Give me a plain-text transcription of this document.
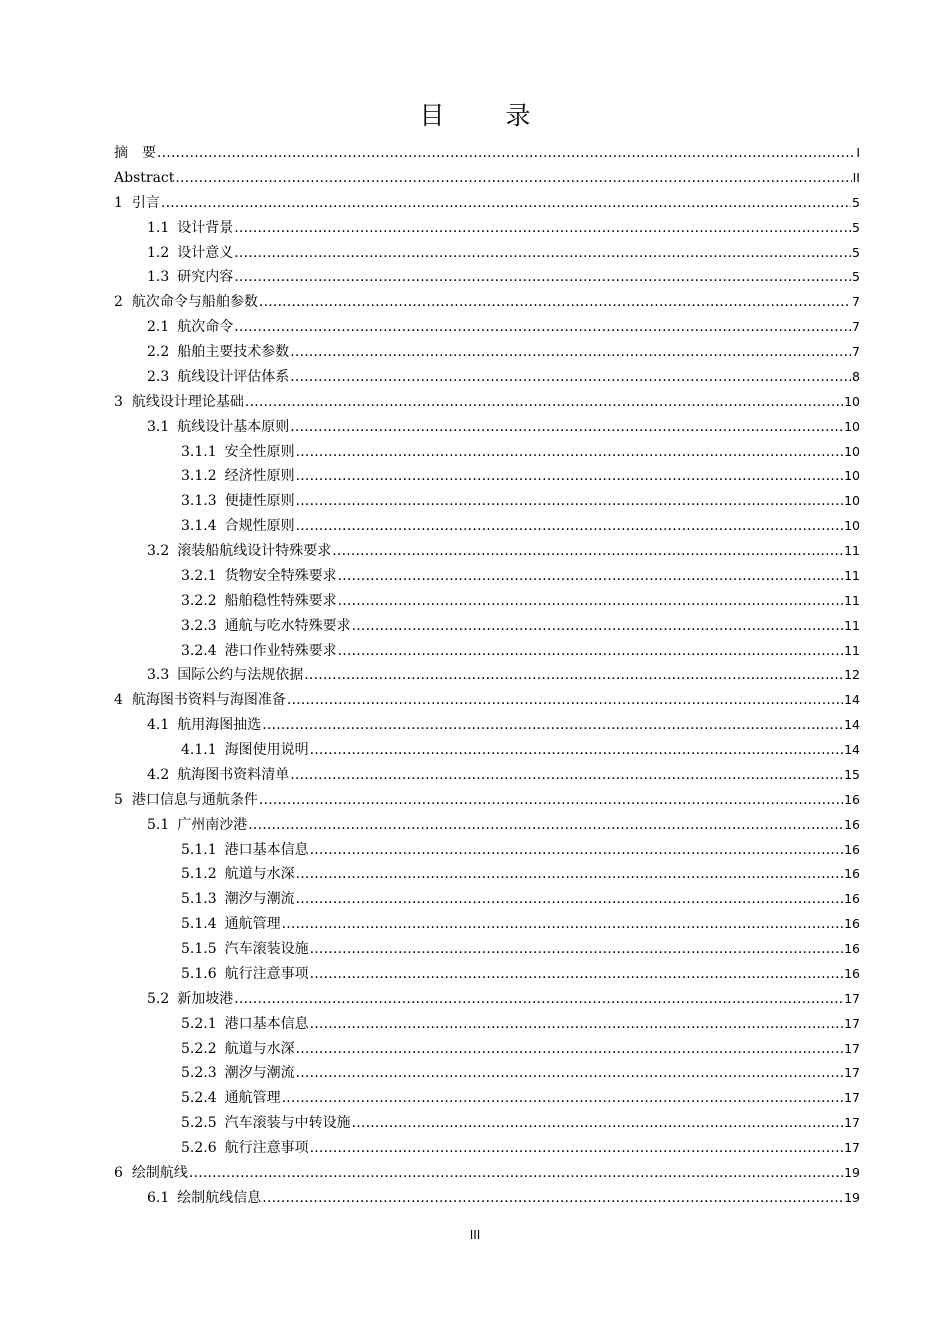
目　录
摘　要 .....	I
Abstract .....	II
1 引言 .....	5
1.1 设计背景 .....	5
1.2 设计意义 .....	5
1.3 研究内容 .....	5
2 航次命令与船舶参数 .....	7
2.1 航次命令 .....	7
2.2 船舶主要技术参数 .....	7
2.3 航线设计评估体系 .....	8
3 航线设计理论基础 .....	10
3.1 航线设计基本原则 .....	10
3.1.1 安全性原则 .....	10
3.1.2 经济性原则 .....	10
3.1.3 便捷性原则 .....	10
3.1.4 合规性原则 .....	10
3.2 滚装船航线设计特殊要求 .....	11
3.2.1 货物安全特殊要求 .....	11
3.2.2 船舶稳性特殊要求 .....	11
3.2.3 通航与吃水特殊要求 .....	11
3.2.4 港口作业特殊要求 .....	11
3.3 国际公约与法规依据 .....	12
4 航海图书资料与海图准备 .....	14
4.1 航用海图抽选 .....	14
4.1.1 海图使用说明 .....	14
4.2 航海图书资料清单 .....	15
5 港口信息与通航条件 .....	16
5.1 广州南沙港 .....	16
5.1.1 港口基本信息 .....	16
5.1.2 航道与水深 .....	16
5.1.3 潮汐与潮流 .....	16
5.1.4 通航管理 .....	16
5.1.5 汽车滚装设施 .....	16
5.1.6 航行注意事项 .....	16
5.2 新加坡港 .....	17
5.2.1 港口基本信息 .....	17
5.2.2 航道与水深 .....	17
5.2.3 潮汐与潮流 .....	17
5.2.4 通航管理 .....	17
5.2.5 汽车滚装与中转设施 .....	17
5.2.6 航行注意事项 .....	17
6 绘制航线 .....	19
6.1 绘制航线信息 .....	19
III
